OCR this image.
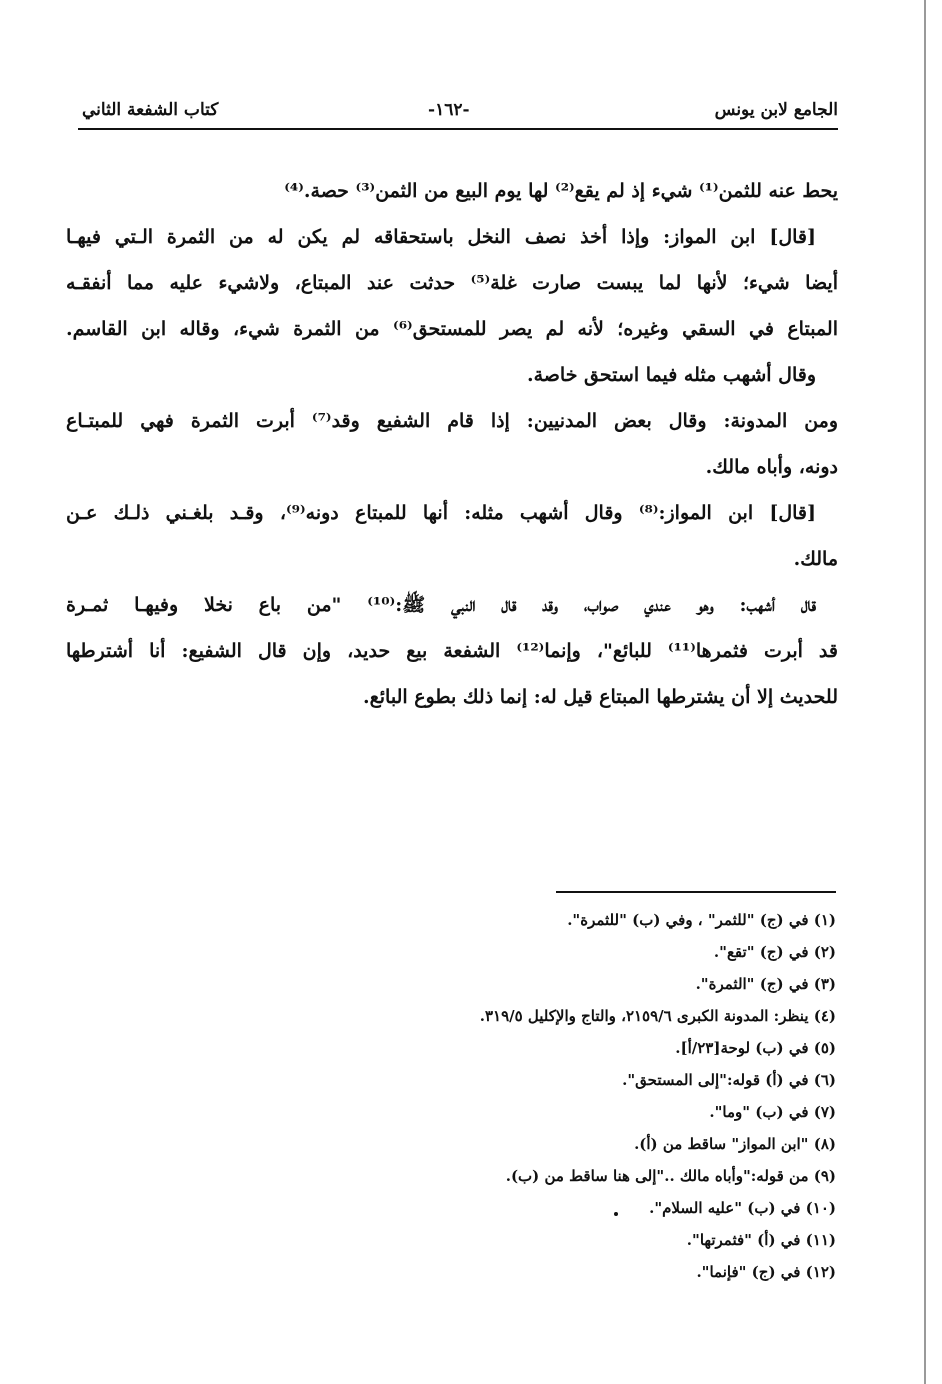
الجامع لابن يونس
-١٦٢-
كتاب الشفعة الثاني
يحط عنه للثمن⁽¹⁾ شيء إذ لم يقع⁽²⁾ لها يوم البيع من الثمن⁽³⁾ حصة.⁽⁴⁾
[قال] ابن المواز: وإذا أخذ نصف النخل باستحقاقه لم يكن له من الثمرة الـتي فيهـا
أيضا شيء؛ لأنها لما يبست صارت غلة⁽⁵⁾ حدثت عند المبتاع، ولاشيء عليه مما أنفقـه
المبتاع في السقي وغيره؛ لأنه لم يصر للمستحق⁽⁶⁾ من الثمرة شيء، وقاله ابن القاسم.
وقال أشهب مثله فيما استحق خاصة.
ومن المدونة: وقال بعض المدنيين: إذا قام الشفيع وقد⁽⁷⁾ أبرت الثمرة فهي للمبتـاع
دونه، وأباه مالك.
[قال] ابن المواز:⁽⁸⁾ وقال أشهب مثله: أنها للمبتاع دونه⁽⁹⁾، وقـد بلغـني ذلـك عـن
مالك.
قال أشهب: وهو عندي صواب، وقد قال النبي ﷺ:⁽¹⁰⁾ "من باع نخلا وفيهـا ثمـرة
قد أبرت فثمرها⁽¹¹⁾ للبائع"، وإنما⁽¹²⁾ الشفعة بيع حديد، وإن قال الشفيع: أنا أشترطها
للحديث إلا أن يشترطها المبتاع قيل له: إنما ذلك بطوع البائع.
(١) في (ج) "للثمر" ، وفي (ب) "للثمرة".
(٢) في (ج) "تقع".
(٣) في (ج) "الثمرة".
(٤) ينظر: المدونة الكبرى ٢١٥٩/٦، والتاج والإكليل ٣١٩/٥.
(٥) في (ب) لوحة[٢٣/أ].
(٦) في (أ) قوله:"إلى المستحق".
(٧) في (ب) "وما".
(٨) "ابن المواز" ساقط من (أ).
(٩) من قوله:"وأباه مالك .."إلى هنا ساقط من (ب).
(١٠) في (ب) "عليه السلام".
(١١) في (أ) "فثمرتها".
(١٢) في (ج) "فإنما".
